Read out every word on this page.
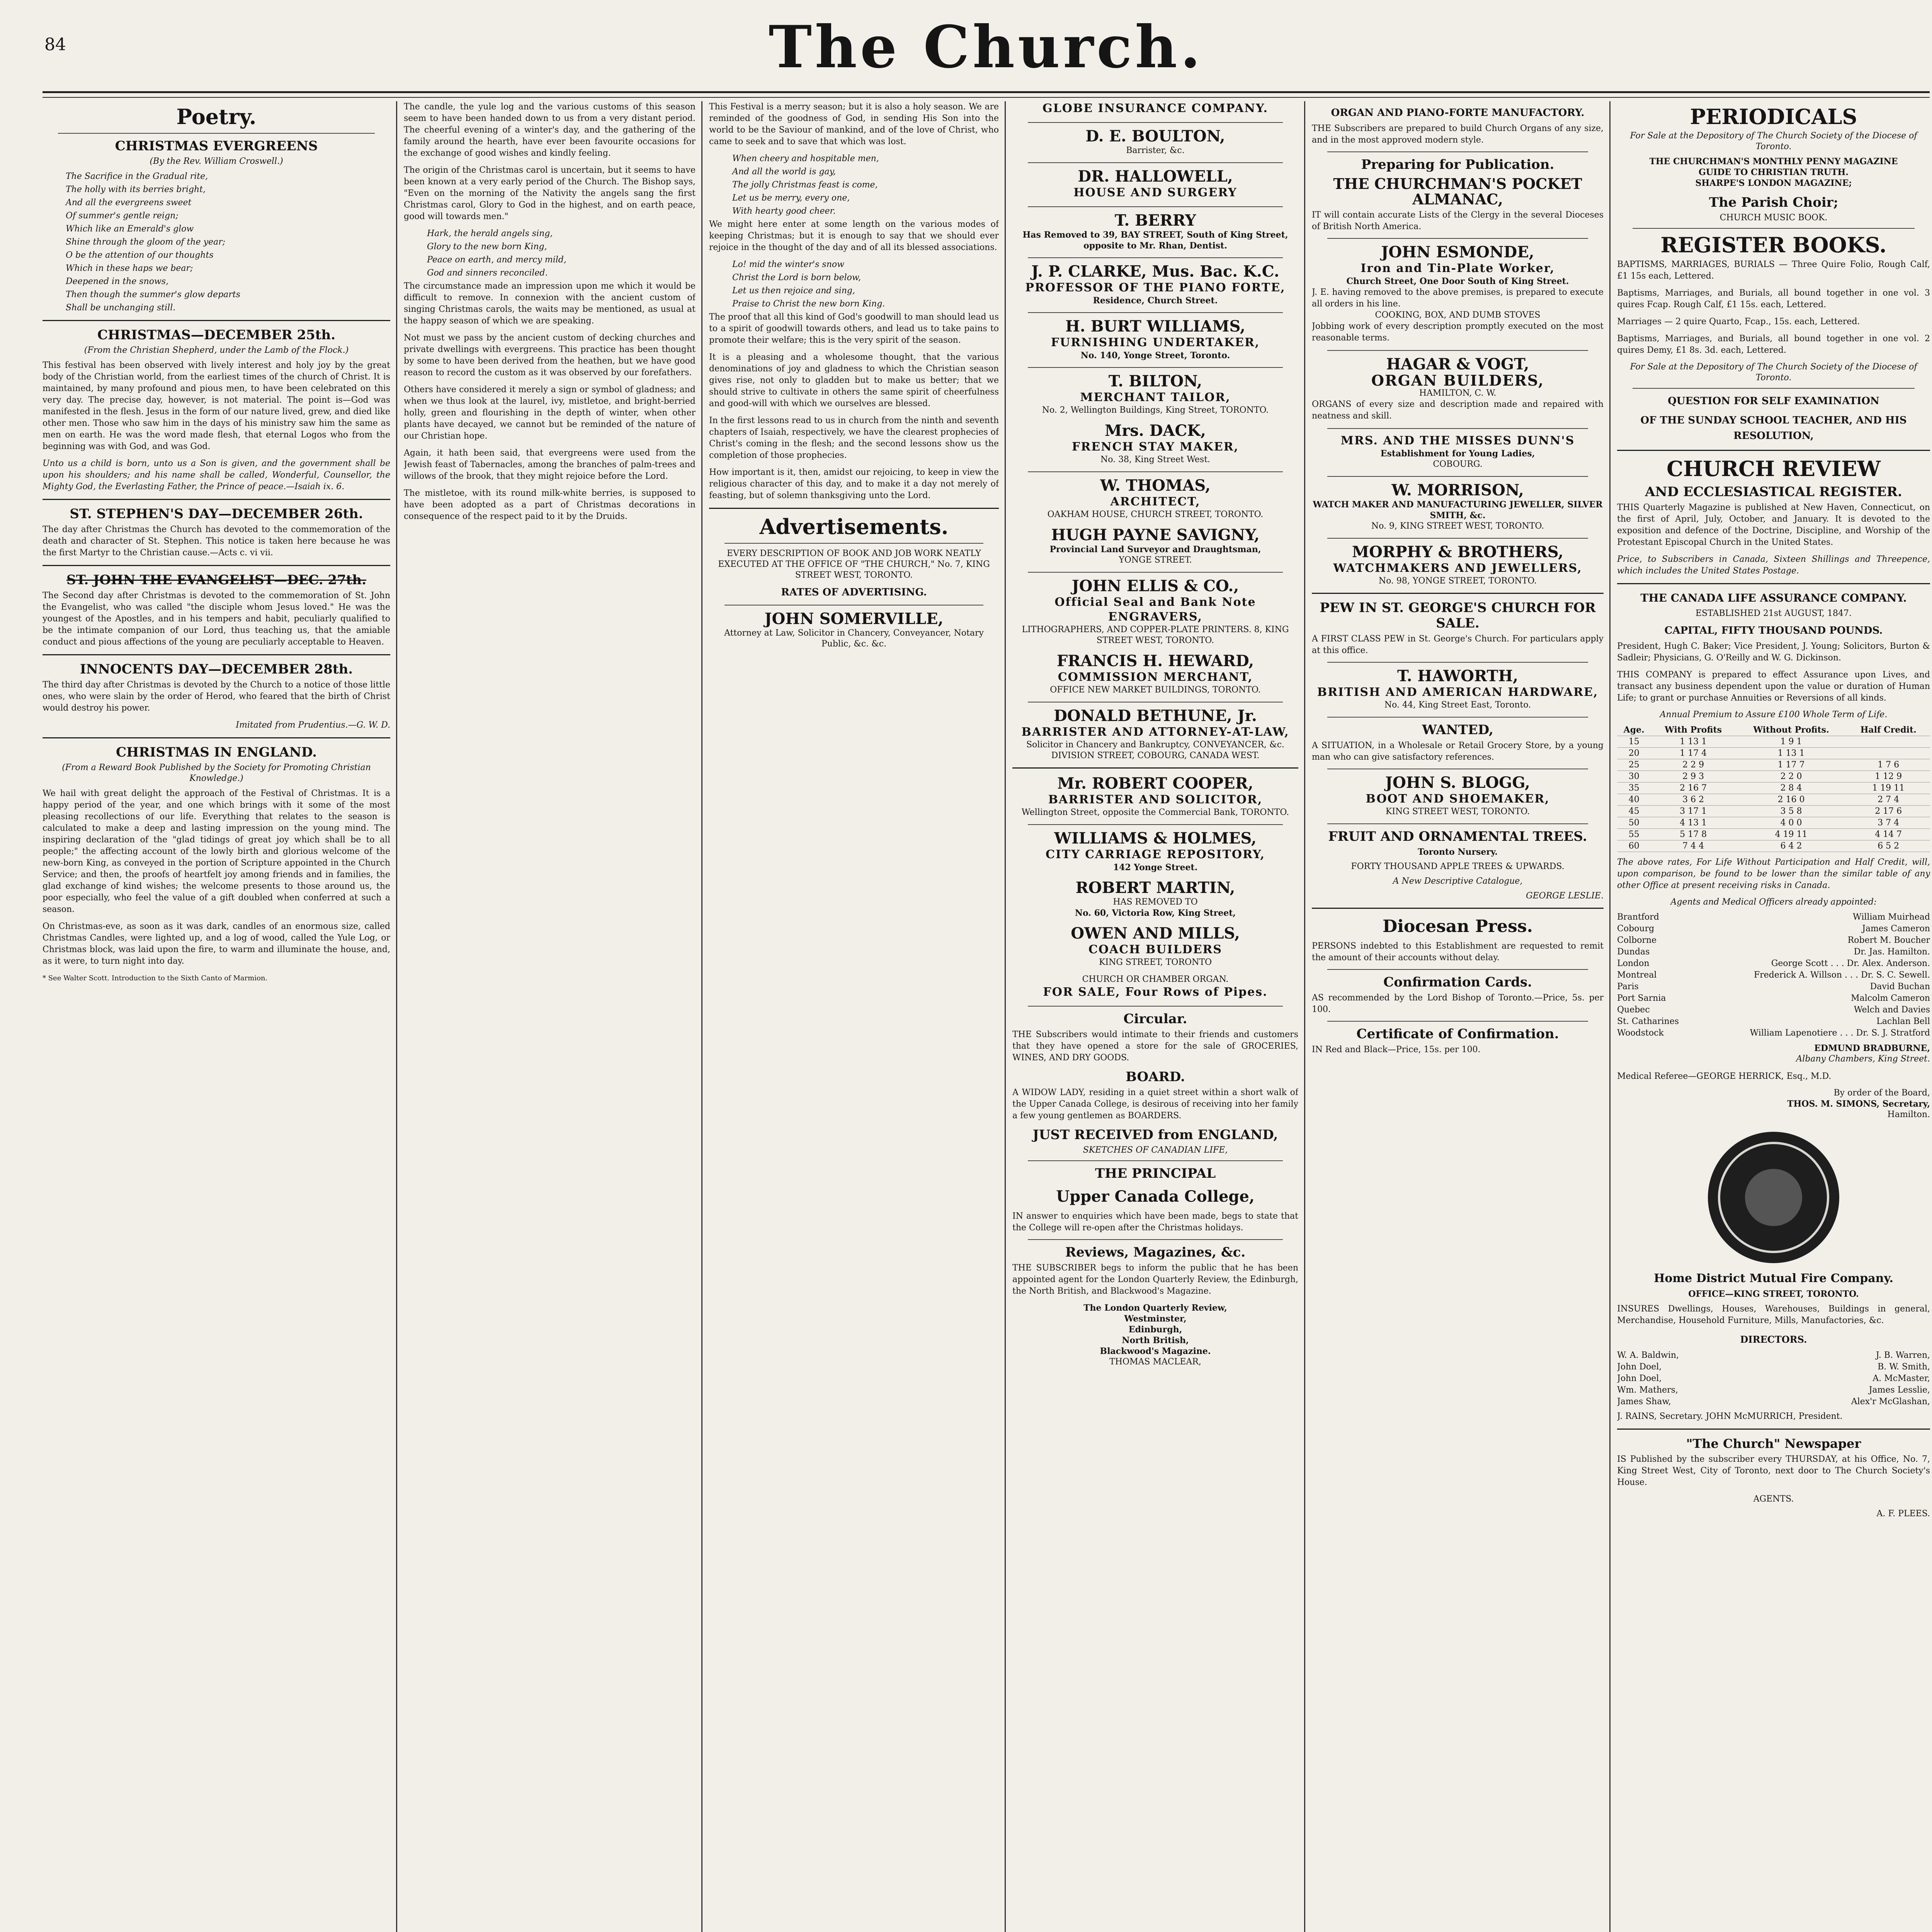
84	The Church.
Poetry.
CHRISTMAS EVERGREENS
(By the Rev. William Croswell.)

The Sacrifice in the Gradual rite,

The holly with its berries bright,

And all the evergreens sweet

Of summer's gentle reign;

Which like an Emerald's glow

Shine through the gloom of the year;

O be the attention of our thoughts

Which in these haps we bear;

Deepened in the snows,

Then though the summer's glow departs

Shall be unchanging still.

CHRISTMAS—DECEMBER 25th.
(From the Christian Shepherd, under the Lamb of the Flock.)

This festival has been observed with lively interest and holy joy by the great body of the Christian world, from the earliest times of the church of Christ. It is maintained, by many profound and pious men, to have been celebrated on this very day. The precise day, however, is not material. The point is—God was manifested in the flesh. Jesus in the form of our nature lived, grew, and died like other men. Those who saw him in the days of his ministry saw him the same as men on earth. He was the word made flesh, that eternal Logos who from the beginning was with God, and was God.

Unto us a child is born, unto us a Son is given, and the government shall be upon his shoulders; and his name shall be called, Wonderful, Counsellor, the Mighty God, the Everlasting Father, the Prince of peace.—Isaiah ix. 6.

ST. STEPHEN'S DAY—DECEMBER 26th.

The day after Christmas the Church has devoted to the commemoration of the death and character of St. Stephen. This notice is taken here because he was the first Martyr to the Christian cause.—Acts c. vi vii.

ST. JOHN THE EVANGELIST—DEC. 27th.

The Second day after Christmas is devoted to the commemoration of St. John the Evangelist, who was called "the disciple whom Jesus loved." He was the youngest of the Apostles, and in his tempers and habit, peculiarly qualified to be the intimate companion of our Lord, thus teaching us, that the amiable conduct and pious affections of the young are peculiarly acceptable to Heaven.

INNOCENTS DAY—DECEMBER 28th.

The third day after Christmas is devoted by the Church to a notice of those little ones, who were slain by the order of Herod, who feared that the birth of Christ would destroy his power.

Imitated from Prudentius.—G. W. D.

CHRISTMAS IN ENGLAND.
(From a Reward Book Published by the Society for Promoting Christian Knowledge.)

We hail with great delight the approach of the Festival of Christmas. It is a happy period of the year, and one which brings with it some of the most pleasing recollections of our life. Everything that relates to the season is calculated to make a deep and lasting impression on the young mind. The inspiring declaration of the "glad tidings of great joy which shall be to all people;" the affecting account of the lowly birth and glorious welcome of the new-born King, as conveyed in the portion of Scripture appointed in the Church Service; and then, the proofs of heartfelt joy among friends and in families, the glad exchange of kind wishes; the welcome presents to those around us, the poor especially, who feel the value of a gift doubled when conferred at such a season.

On Christmas-eve, as soon as it was dark, candles of an enormous size, called Christmas Candles, were lighted up, and a log of wood, called the Yule Log, or Christmas block, was laid upon the fire, to warm and illuminate the house, and, as it were, to turn night into day.

* See Walter Scott. Introduction to the Sixth Canto of Marmion.

The candle, the yule log and the various customs of this season seem to have been handed down to us from a very distant period. The cheerful evening of a winter's day, and the gathering of the family around the hearth, have ever been favourite occasions for the exchange of good wishes and kindly feeling.

The origin of the Christmas carol is uncertain, but it seems to have been known at a very early period of the Church. The Bishop says, "Even on the morning of the Nativity the angels sang the first Christmas carol, Glory to God in the highest, and on earth peace, good will towards men."

Hark, the herald angels sing,

Glory to the new born King,

Peace on earth, and mercy mild,

God and sinners reconciled.

The circumstance made an impression upon me which it would be difficult to remove. In connexion with the ancient custom of singing Christmas carols, the waits may be mentioned, as usual at the happy season of which we are speaking.

Not must we pass by the ancient custom of decking churches and private dwellings with evergreens. This practice has been thought by some to have been derived from the heathen, but we have good reason to record the custom as it was observed by our forefathers.

Others have considered it merely a sign or symbol of gladness; and when we thus look at the laurel, ivy, mistletoe, and bright-berried holly, green and flourishing in the depth of winter, when other plants have decayed, we cannot but be reminded of the nature of our Christian hope.

Again, it hath been said, that evergreens were used from the Jewish feast of Tabernacles, among the branches of palm-trees and willows of the brook, that they might rejoice before the Lord.

The mistletoe, with its round milk-white berries, is supposed to have been adopted as a part of Christmas decorations in consequence of the respect paid to it by the Druids.

This Festival is a merry season; but it is also a holy season. We are reminded of the goodness of God, in sending His Son into the world to be the Saviour of mankind, and of the love of Christ, who came to seek and to save that which was lost.

When cheery and hospitable men,

And all the world is gay,

The jolly Christmas feast is come,

Let us be merry, every one,

With hearty good cheer.

We might here enter at some length on the various modes of keeping Christmas; but it is enough to say that we should ever rejoice in the thought of the day and of all its blessed associations.

Lo! mid the winter's snow

Christ the Lord is born below,

Let us then rejoice and sing,

Praise to Christ the new born King.

The proof that all this kind of God's goodwill to man should lead us to a spirit of goodwill towards others, and lead us to take pains to promote their welfare; this is the very spirit of the season.

It is a pleasing and a wholesome thought, that the various denominations of joy and gladness to which the Christian season gives rise, not only to gladden but to make us better; that we should strive to cultivate in others the same spirit of cheerfulness and good-will with which we ourselves are blessed.

In the first lessons read to us in church from the ninth and seventh chapters of Isaiah, respectively, we have the clearest prophecies of Christ's coming in the flesh; and the second lessons show us the completion of those prophecies.

How important is it, then, amidst our rejoicing, to keep in view the religious character of this day, and to make it a day not merely of feasting, but of solemn thanksgiving unto the Lord.

Advertisements.
EVERY DESCRIPTION OF BOOK AND JOB WORK NEATLY EXECUTED AT THE OFFICE OF "THE CHURCH," No. 7, KING STREET WEST, TORONTO.
RATES OF ADVERTISING.
JOHN SOMERVILLE,
Attorney at Law, Solicitor in Chancery, Conveyancer, Notary Public, &c. &c.
GLOBE INSURANCE COMPANY.
D. E. BOULTON,
Barrister, &c.
DR. HALLOWELL,
HOUSE AND SURGERY
T. BERRY
Has Removed to 39, BAY STREET, South of King Street, opposite to Mr. Rhan, Dentist.
J. P. CLARKE, Mus. Bac. K.C.
PROFESSOR OF THE PIANO FORTE,
Residence, Church Street.
H. BURT WILLIAMS,
FURNISHING UNDERTAKER,
No. 140, Yonge Street, Toronto.
T. BILTON,
MERCHANT TAILOR,
No. 2, Wellington Buildings, King Street, TORONTO.
Mrs. DACK,
FRENCH STAY MAKER,
No. 38, King Street West.
W. THOMAS,
ARCHITECT,
OAKHAM HOUSE, CHURCH STREET, TORONTO.
HUGH PAYNE SAVIGNY,
Provincial Land Surveyor and Draughtsman,
YONGE STREET.
JOHN ELLIS & CO.,
Official Seal and Bank Note ENGRAVERS,
LITHOGRAPHERS, AND COPPER-PLATE PRINTERS. 8, KING STREET WEST, TORONTO.
FRANCIS H. HEWARD,
COMMISSION MERCHANT,
OFFICE NEW MARKET BUILDINGS, TORONTO.
DONALD BETHUNE, Jr.
BARRISTER AND ATTORNEY-AT-LAW,
Solicitor in Chancery and Bankruptcy, CONVEYANCER, &c. DIVISION STREET, COBOURG, CANADA WEST.
Mr. ROBERT COOPER,
BARRISTER AND SOLICITOR,
Wellington Street, opposite the Commercial Bank, TORONTO.
WILLIAMS & HOLMES,
CITY CARRIAGE REPOSITORY,
142 Yonge Street.
ROBERT MARTIN,
HAS REMOVED TO
No. 60, Victoria Row, King Street,
OWEN AND MILLS,
COACH BUILDERS
KING STREET, TORONTO
CHURCH OR CHAMBER ORGAN.
FOR SALE, Four Rows of Pipes.
Circular.

THE Subscribers would intimate to their friends and customers that they have opened a store for the sale of GROCERIES, WINES, AND DRY GOODS.

BOARD.

A WIDOW LADY, residing in a quiet street within a short walk of the Upper Canada College, is desirous of receiving into her family a few young gentlemen as BOARDERS.

JUST RECEIVED from ENGLAND,
SKETCHES OF CANADIAN LIFE,
THE PRINCIPAL
Upper Canada College,

IN answer to enquiries which have been made, begs to state that the College will re-open after the Christmas holidays.

Reviews, Magazines, &c.

THE SUBSCRIBER begs to inform the public that he has been appointed agent for the London Quarterly Review, the Edinburgh, the North British, and Blackwood's Magazine.

The London Quarterly Review,
Westminster,
Edinburgh,
North British,
Blackwood's Magazine.
THOMAS MACLEAR,
ORGAN AND PIANO-FORTE MANUFACTORY.

THE Subscribers are prepared to build Church Organs of any size, and in the most approved modern style.

Preparing for Publication.
THE CHURCHMAN'S POCKET ALMANAC,

IT will contain accurate Lists of the Clergy in the several Dioceses of British North America.

JOHN ESMONDE,
Iron and Tin-Plate Worker,
Church Street, One Door South of King Street.
J. E. having removed to the above premises, is prepared to execute all orders in his line.
COOKING, BOX, AND DUMB STOVES
Jobbing work of every description promptly executed on the most reasonable terms.
HAGAR & VOGT,
ORGAN BUILDERS,
HAMILTON, C. W.
ORGANS of every size and description made and repaired with neatness and skill.
MRS. AND THE MISSES DUNN'S
Establishment for Young Ladies,
COBOURG.
W. MORRISON,
WATCH MAKER AND MANUFACTURING JEWELLER, SILVER SMITH, &c.
No. 9, KING STREET WEST, TORONTO.
MORPHY & BROTHERS,
WATCHMAKERS AND JEWELLERS,
No. 98, YONGE STREET, TORONTO.
PEW IN ST. GEORGE'S CHURCH FOR SALE.

A FIRST CLASS PEW in St. George's Church. For particulars apply at this office.

T. HAWORTH,
BRITISH AND AMERICAN HARDWARE,
No. 44, King Street East, Toronto.
WANTED,

A SITUATION, in a Wholesale or Retail Grocery Store, by a young man who can give satisfactory references.

JOHN S. BLOGG,
BOOT AND SHOEMAKER,
KING STREET WEST, TORONTO.
FRUIT AND ORNAMENTAL TREES.
Toronto Nursery.
FORTY THOUSAND APPLE TREES & UPWARDS.
A New Descriptive Catalogue,
GEORGE LESLIE.
Diocesan Press.

PERSONS indebted to this Establishment are requested to remit the amount of their accounts without delay.

Confirmation Cards.

AS recommended by the Lord Bishop of Toronto.—Price, 5s. per 100.

Certificate of Confirmation.

IN Red and Black—Price, 15s. per 100.

PERIODICALS
For Sale at the Depository of The Church Society of the Diocese of Toronto.
THE CHURCHMAN'S MONTHLY PENNY MAGAZINE
GUIDE TO CHRISTIAN TRUTH.
SHARPE'S LONDON MAGAZINE;
The Parish Choir;
CHURCH MUSIC BOOK.
REGISTER BOOKS.

BAPTISMS, MARRIAGES, BURIALS — Three Quire Folio, Rough Calf, £1 15s each, Lettered.

Baptisms, Marriages, and Burials, all bound together in one vol. 3 quires Fcap. Rough Calf, £1 15s. each, Lettered.

Marriages — 2 quire Quarto, Fcap., 15s. each, Lettered.

Baptisms, Marriages, and Burials, all bound together in one vol. 2 quires Demy, £1 8s. 3d. each, Lettered.

For Sale at the Depository of The Church Society of the Diocese of Toronto.
QUESTION FOR SELF EXAMINATION
OF THE SUNDAY SCHOOL TEACHER, AND HIS RESOLUTION,
CHURCH REVIEW
AND ECCLESIASTICAL REGISTER.

THIS Quarterly Magazine is published at New Haven, Connecticut, on the first of April, July, October, and January. It is devoted to the exposition and defence of the Doctrine, Discipline, and Worship of the Protestant Episcopal Church in the United States.

Price, to Subscribers in Canada, Sixteen Shillings and Threepence, which includes the United States Postage.

THE CANADA LIFE ASSURANCE COMPANY.
ESTABLISHED 21st AUGUST, 1847.
CAPITAL, FIFTY THOUSAND POUNDS.

President, Hugh C. Baker; Vice President, J. Young; Solicitors, Burton & Sadleir; Physicians, G. O'Reilly and W. G. Dickinson.

THIS COMPANY is prepared to effect Assurance upon Lives, and transact any business dependent upon the value or duration of Human Life; to grant or purchase Annuities or Reversions of all kinds.

Annual Premium to Assure £100 Whole Term of Life.
Age.	With Profits	Without Profits.	Half Credit.
15	1 13 1	1 9 1	
20	1 17 4	1 13 1	
25	2 2 9	1 17 7	1 7 6
30	2 9 3	2 2 0	1 12 9
35	2 16 7	2 8 4	1 19 11
40	3 6 2	2 16 0	2 7 4
45	3 17 1	3 5 8	2 17 6
50	4 13 1	4 0 0	3 7 4
55	5 17 8	4 19 11	4 14 7
60	7 4 4	6 4 2	6 5 2

The above rates, For Life Without Participation and Half Credit, will, upon comparison, be found to be lower than the similar table of any other Office at present receiving risks in Canada.

Agents and Medical Officers already appointed:
Brantford	William Muirhead
Cobourg	James Cameron
Colborne	Robert M. Boucher
Dundas	Dr. Jas. Hamilton.
London	George Scott . . . Dr. Alex. Anderson.
Montreal	Frederick A. Willson . . . Dr. S. C. Sewell.
Paris	David Buchan
Port Sarnia	Malcolm Cameron
Quebec	Welch and Davies
St. Catharines	Lachlan Bell
Woodstock	William Lapenotiere . . . Dr. S. J. Stratford
EDMUND BRADBURNE,
Albany Chambers, King Street.

Medical Referee—GEORGE HERRICK, Esq., M.D.

By order of the Board,
THOS. M. SIMONS, Secretary,
Hamilton.
Home District Mutual Fire Company.
OFFICE—KING STREET, TORONTO.

INSURES Dwellings, Houses, Warehouses, Buildings in general, Merchandise, Household Furniture, Mills, Manufactories, &c.

DIRECTORS.
W. A. Baldwin,	J. B. Warren,
John Doel,	B. W. Smith,
John Doel,	A. McMaster,
Wm. Mathers,	James Lesslie,
James Shaw,	Alex'r McGlashan,

J. RAINS, Secretary. JOHN McMURRICH, President.

"The Church" Newspaper

IS Published by the subscriber every THURSDAY, at his Office, No. 7, King Street West, City of Toronto, next door to The Church Society's House.

AGENTS.
A. F. PLEES.
